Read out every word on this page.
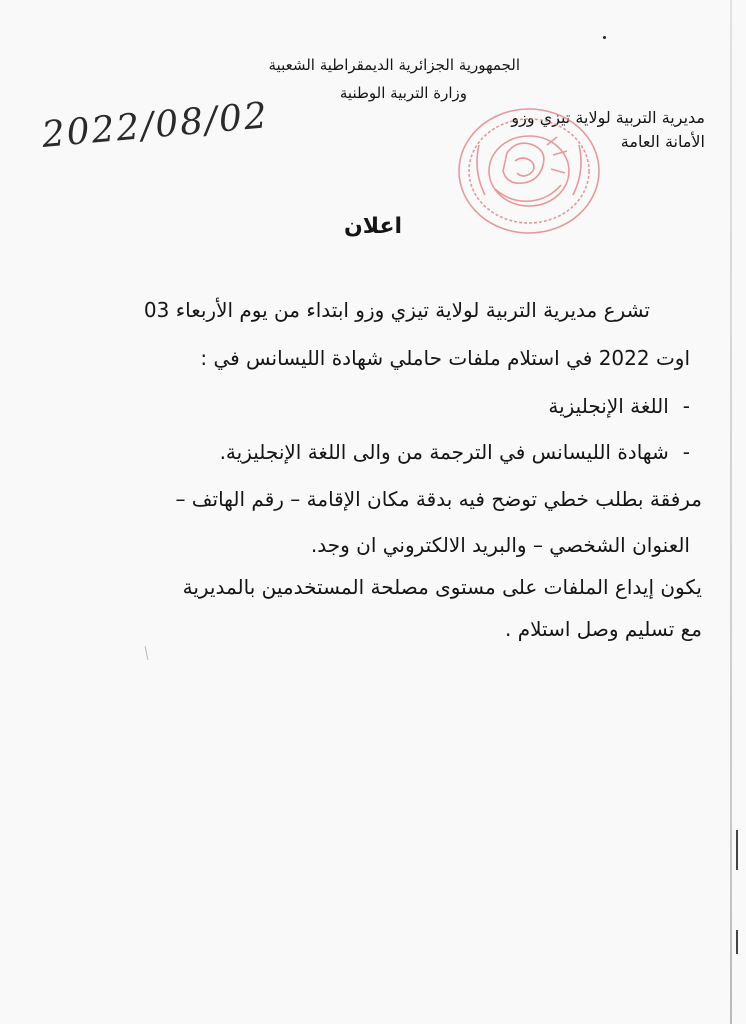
الجمهورية الجزائرية الديمقراطية الشعبية
وزارة التربية الوطنية
مديرية التربية لولاية تيزي وزو
الأمانة العامة
2022/08/02
اعلان
تشرع مديرية التربية لولاية تيزي وزو ابتداء من يوم الأربعاء 03
اوت 2022 في استلام ملفات حاملي شهادة الليسانس في :
-اللغة الإنجليزية
-شهادة الليسانس في الترجمة من والى اللغة الإنجليزية.
مرفقة بطلب خطي توضح فيه بدقة مكان الإقامة – رقم الهاتف –
العنوان الشخصي – والبريد الالكتروني ان وجد.
يكون إيداع الملفات على مستوى مصلحة المستخدمين بالمديرية
مع تسليم وصل استلام .
